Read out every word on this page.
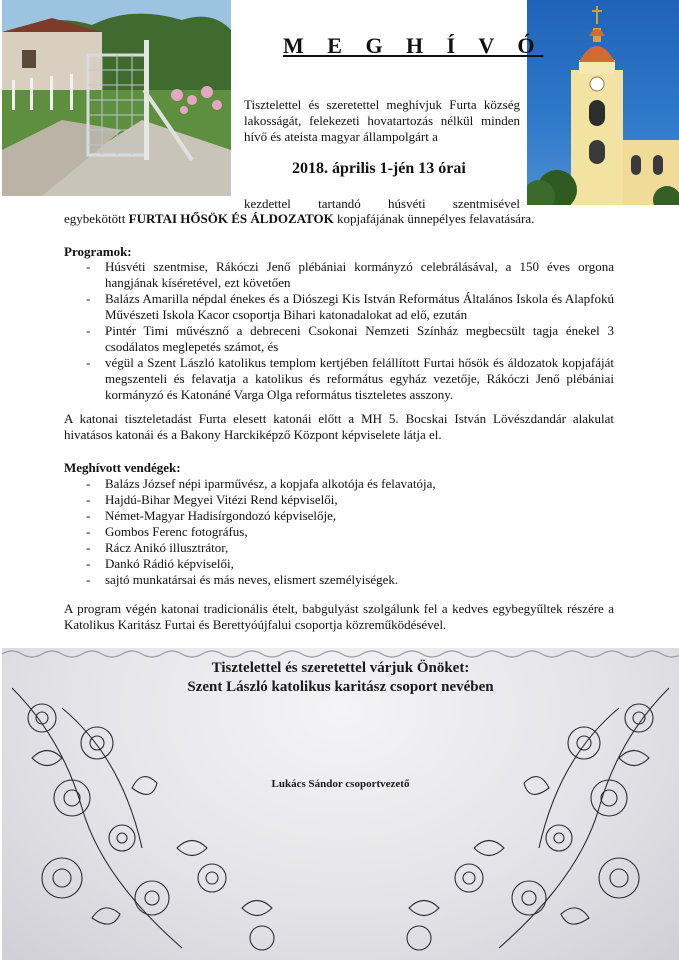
M E G H Í V Ó
Tisztelettel és szeretettel meghívjuk Furta község lakosságát, felekezeti hovatartozás nélkül minden hívő és ateista magyar állampolgárt a
2018. április 1-jén 13 órai
kezdettel tartandó húsvéti szentmisével
egybekötött FURTAI HŐSÖK ÉS ÁLDOZATOK kopjafájának ünnepélyes felavatására.
Programok:
- Húsvéti szentmise, Rákóczi Jenő plébániai kormányzó celebrálásával, a 150 éves orgona hangjának kíséretével, ezt követően
- Balázs Amarilla népdal énekes és a Diószegi Kis István Református Általános Iskola és Alapfokú Művészeti Iskola Kacor csoportja Bihari katonadalokat ad elő, ezután
- Pintér Timi művésznő a debreceni Csokonai Nemzeti Színház megbecsült tagja énekel 3 csodálatos meglepetés számot, és
- végül a Szent László katolikus templom kertjében felállított Furtai hősök és áldozatok kopjafáját megszenteli és felavatja a katolikus és református egyház vezetője, Rákóczi Jenő plébániai kormányzó és Katonáné Varga Olga református tiszteletes asszony.
A katonai tiszteletadást Furta elesett katonái előtt a MH 5. Bocskai István Lövészdandár alakulat hivatásos katonái és a Bakony Harckiképző Központ képviselete látja el.
Meghívott vendégek:
- Balázs József népi iparművész, a kopjafa alkotója és felavatója,
- Hajdú-Bihar Megyei Vitézi Rend képviselői,
- Német-Magyar Hadisírgondozó képviselője,
- Gombos Ferenc fotográfus,
- Rácz Anikó illusztrátor,
- Dankó Rádió képviselői,
- sajtó munkatársai és más neves, elismert személyiségek.
A program végén katonai tradicionális ételt, babgulyást szolgálunk fel a kedves egybegyűltek részére a Katolikus Karitász Furtai és Berettyóújfalui csoportja közreműködésével.
Tisztelettel és szeretettel várjuk Önöket:
Szent László katolikus karitász csoport nevében
Lukács Sándor csoportvezető
